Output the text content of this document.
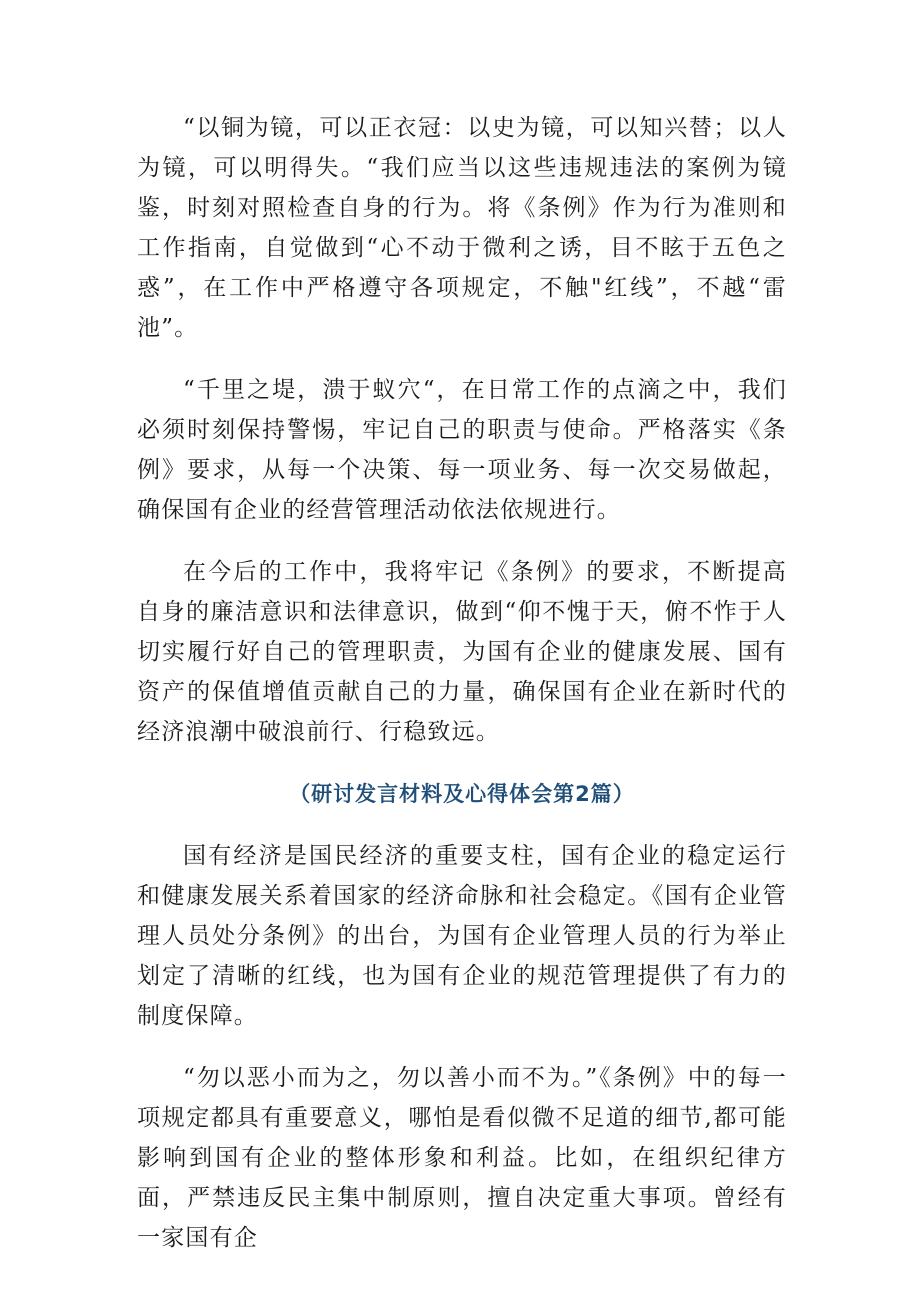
“以铜为镜，可以正衣冠：以史为镜，可以知兴替；以人为镜，可以明得失。“我们应当以这些违规违法的案例为镜鉴，时刻对照检查自身的行为。将《条例》作为行为准则和工作指南，自觉做到“心不动于微利之诱，目不眩于五色之惑”，在工作中严格遵守各项规定，不触"红线”，不越“雷池”。

“千里之堤，溃于蚁穴“，在日常工作的点滴之中，我们必须时刻保持警惕，牢记自己的职责与使命。严格落实《条例》要求，从每一个决策、每一项业务、每一次交易做起，确保国有企业的经营管理活动依法依规进行。

在今后的工作中，我将牢记《条例》的要求，不断提高自身的廉洁意识和法律意识，做到“仰不愧于天，俯不怍于人切实履行好自己的管理职责，为国有企业的健康发展、国有资产的保值增值贡献自己的力量，确保国有企业在新时代的经济浪潮中破浪前行、行稳致远。

（研讨发言材料及心得体会第2篇）

国有经济是国民经济的重要支柱，国有企业的稳定运行和健康发展关系着国家的经济命脉和社会稳定。《国有企业管理人员处分条例》的出台，为国有企业管理人员的行为举止划定了清晰的红线，也为国有企业的规范管理提供了有力的制度保障。

“勿以恶小而为之，勿以善小而不为。”《条例》中的每一项规定都具有重要意义，哪怕是看似微不足道的细节,都可能影响到国有企业的整体形象和利益。比如，在组织纪律方面，严禁违反民主集中制原则，擅自决定重大事项。曾经有一家国有企
